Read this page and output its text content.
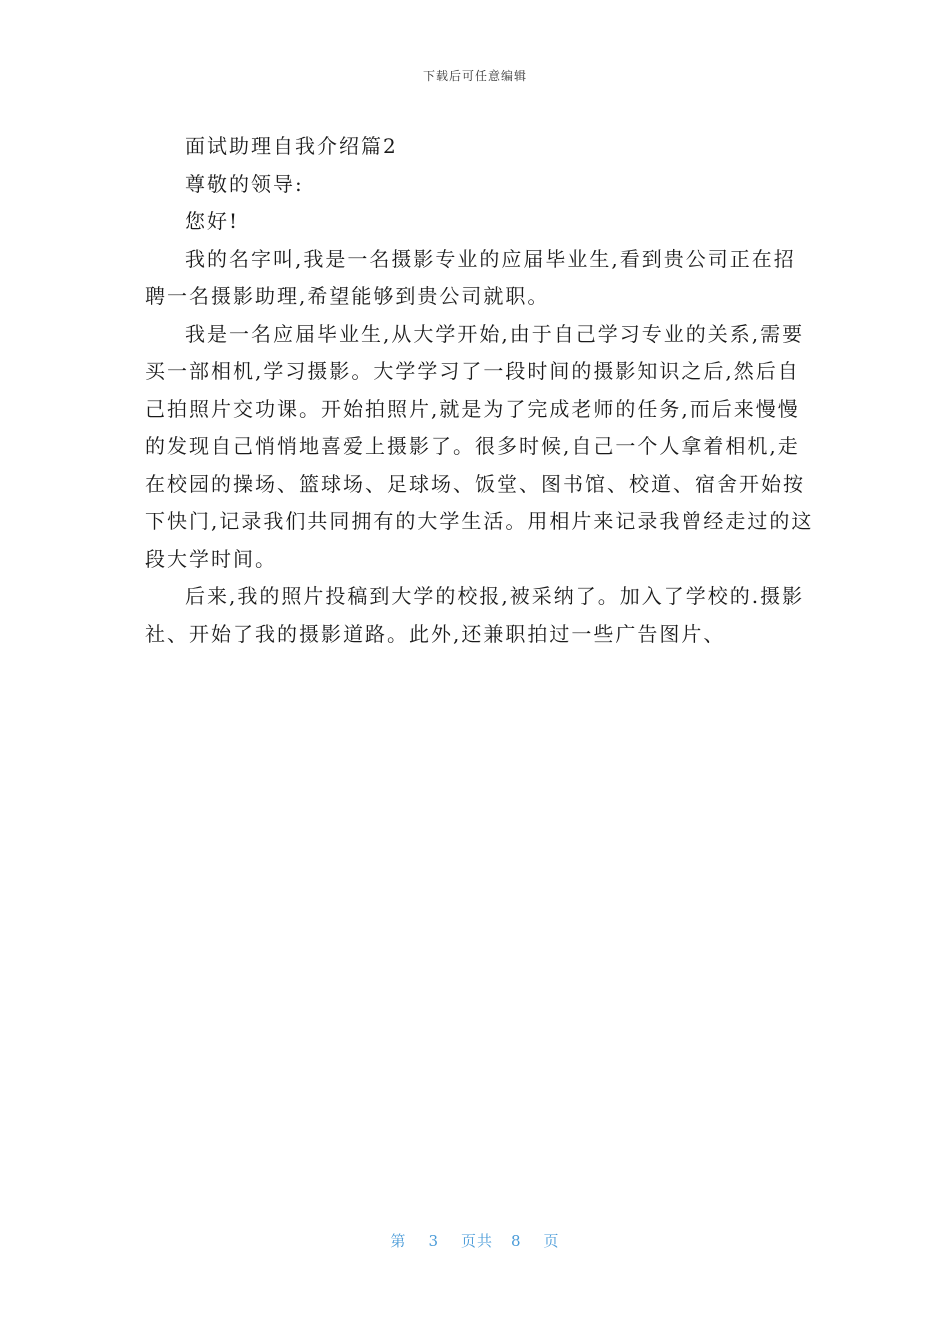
下载后可任意编辑

面试助理自我介绍篇2

尊敬的领导:

您好!

我的名字叫,我是一名摄影专业的应届毕业生,看到贵公司正在招聘一名摄影助理,希望能够到贵公司就职。

我是一名应届毕业生,从大学开始,由于自己学习专业的关系,需要买一部相机,学习摄影。大学学习了一段时间的摄影知识之后,然后自己拍照片交功课。开始拍照片,就是为了完成老师的任务,而后来慢慢的发现自己悄悄地喜爱上摄影了。很多时候,自己一个人拿着相机,走在校园的操场、篮球场、足球场、饭堂、图书馆、校道、宿舍开始按下快门,记录我们共同拥有的大学生活。用相片来记录我曾经走过的这段大学时间。

后来,我的照片投稿到大学的校报,被采纳了。加入了学校的.摄影社、开始了我的摄影道路。此外,还兼职拍过一些广告图片、

第 3 页共 8 页
